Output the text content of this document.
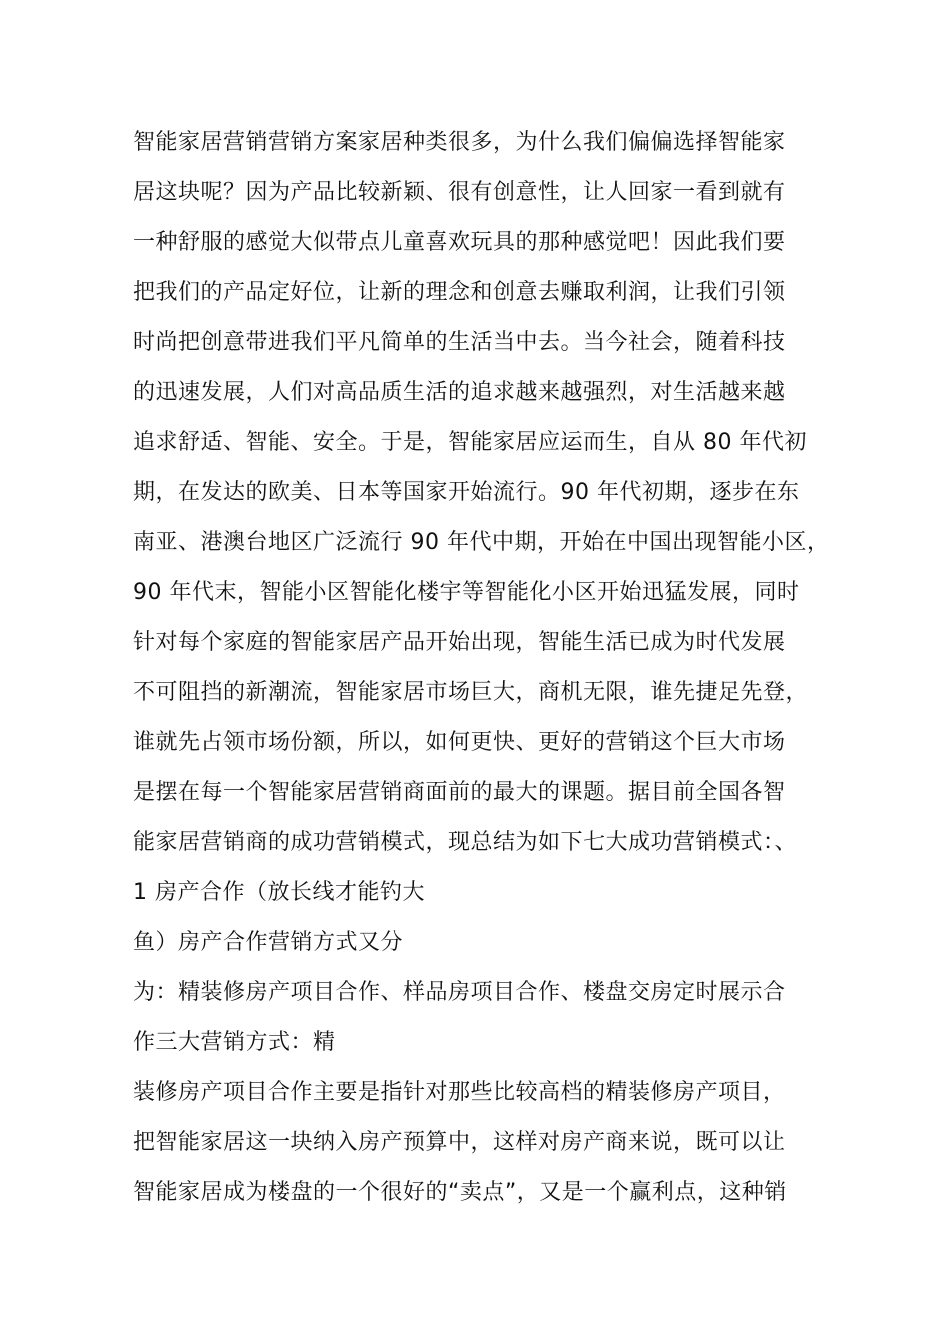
智能家居营销营销方案家居种类很多，为什么我们偏偏选择智能家
居这块呢？因为产品比较新颖、很有创意性，让人回家一看到就有
一种舒服的感觉大似带点儿童喜欢玩具的那种感觉吧！因此我们要
把我们的产品定好位，让新的理念和创意去赚取利润，让我们引领
时尚把创意带进我们平凡简单的生活当中去。当今社会，随着科技
的迅速发展，人们对高品质生活的追求越来越强烈，对生活越来越
追求舒适、智能、安全。于是，智能家居应运而生，自从 80 年代初
期，在发达的欧美、日本等国家开始流行。90 年代初期，逐步在东
南亚、港澳台地区广泛流行 90 年代中期，开始在中国出现智能小区，
90 年代末，智能小区智能化楼宇等智能化小区开始迅猛发展，同时
针对每个家庭的智能家居产品开始出现，智能生活已成为时代发展
不可阻挡的新潮流，智能家居市场巨大，商机无限，谁先捷足先登，
谁就先占领市场份额，所以，如何更快、更好的营销这个巨大市场
是摆在每一个智能家居营销商面前的最大的课题。据目前全国各智
能家居营销商的成功营销模式，现总结为如下七大成功营销模式：、
1 房产合作（放长线才能钓大
鱼）房产合作营销方式又分
为：精装修房产项目合作、样品房项目合作、楼盘交房定时展示合
作三大营销方式：精
装修房产项目合作主要是指针对那些比较高档的精装修房产项目，
把智能家居这一块纳入房产预算中，这样对房产商来说，既可以让
智能家居成为楼盘的一个很好的“卖点”，又是一个赢利点，这种销
